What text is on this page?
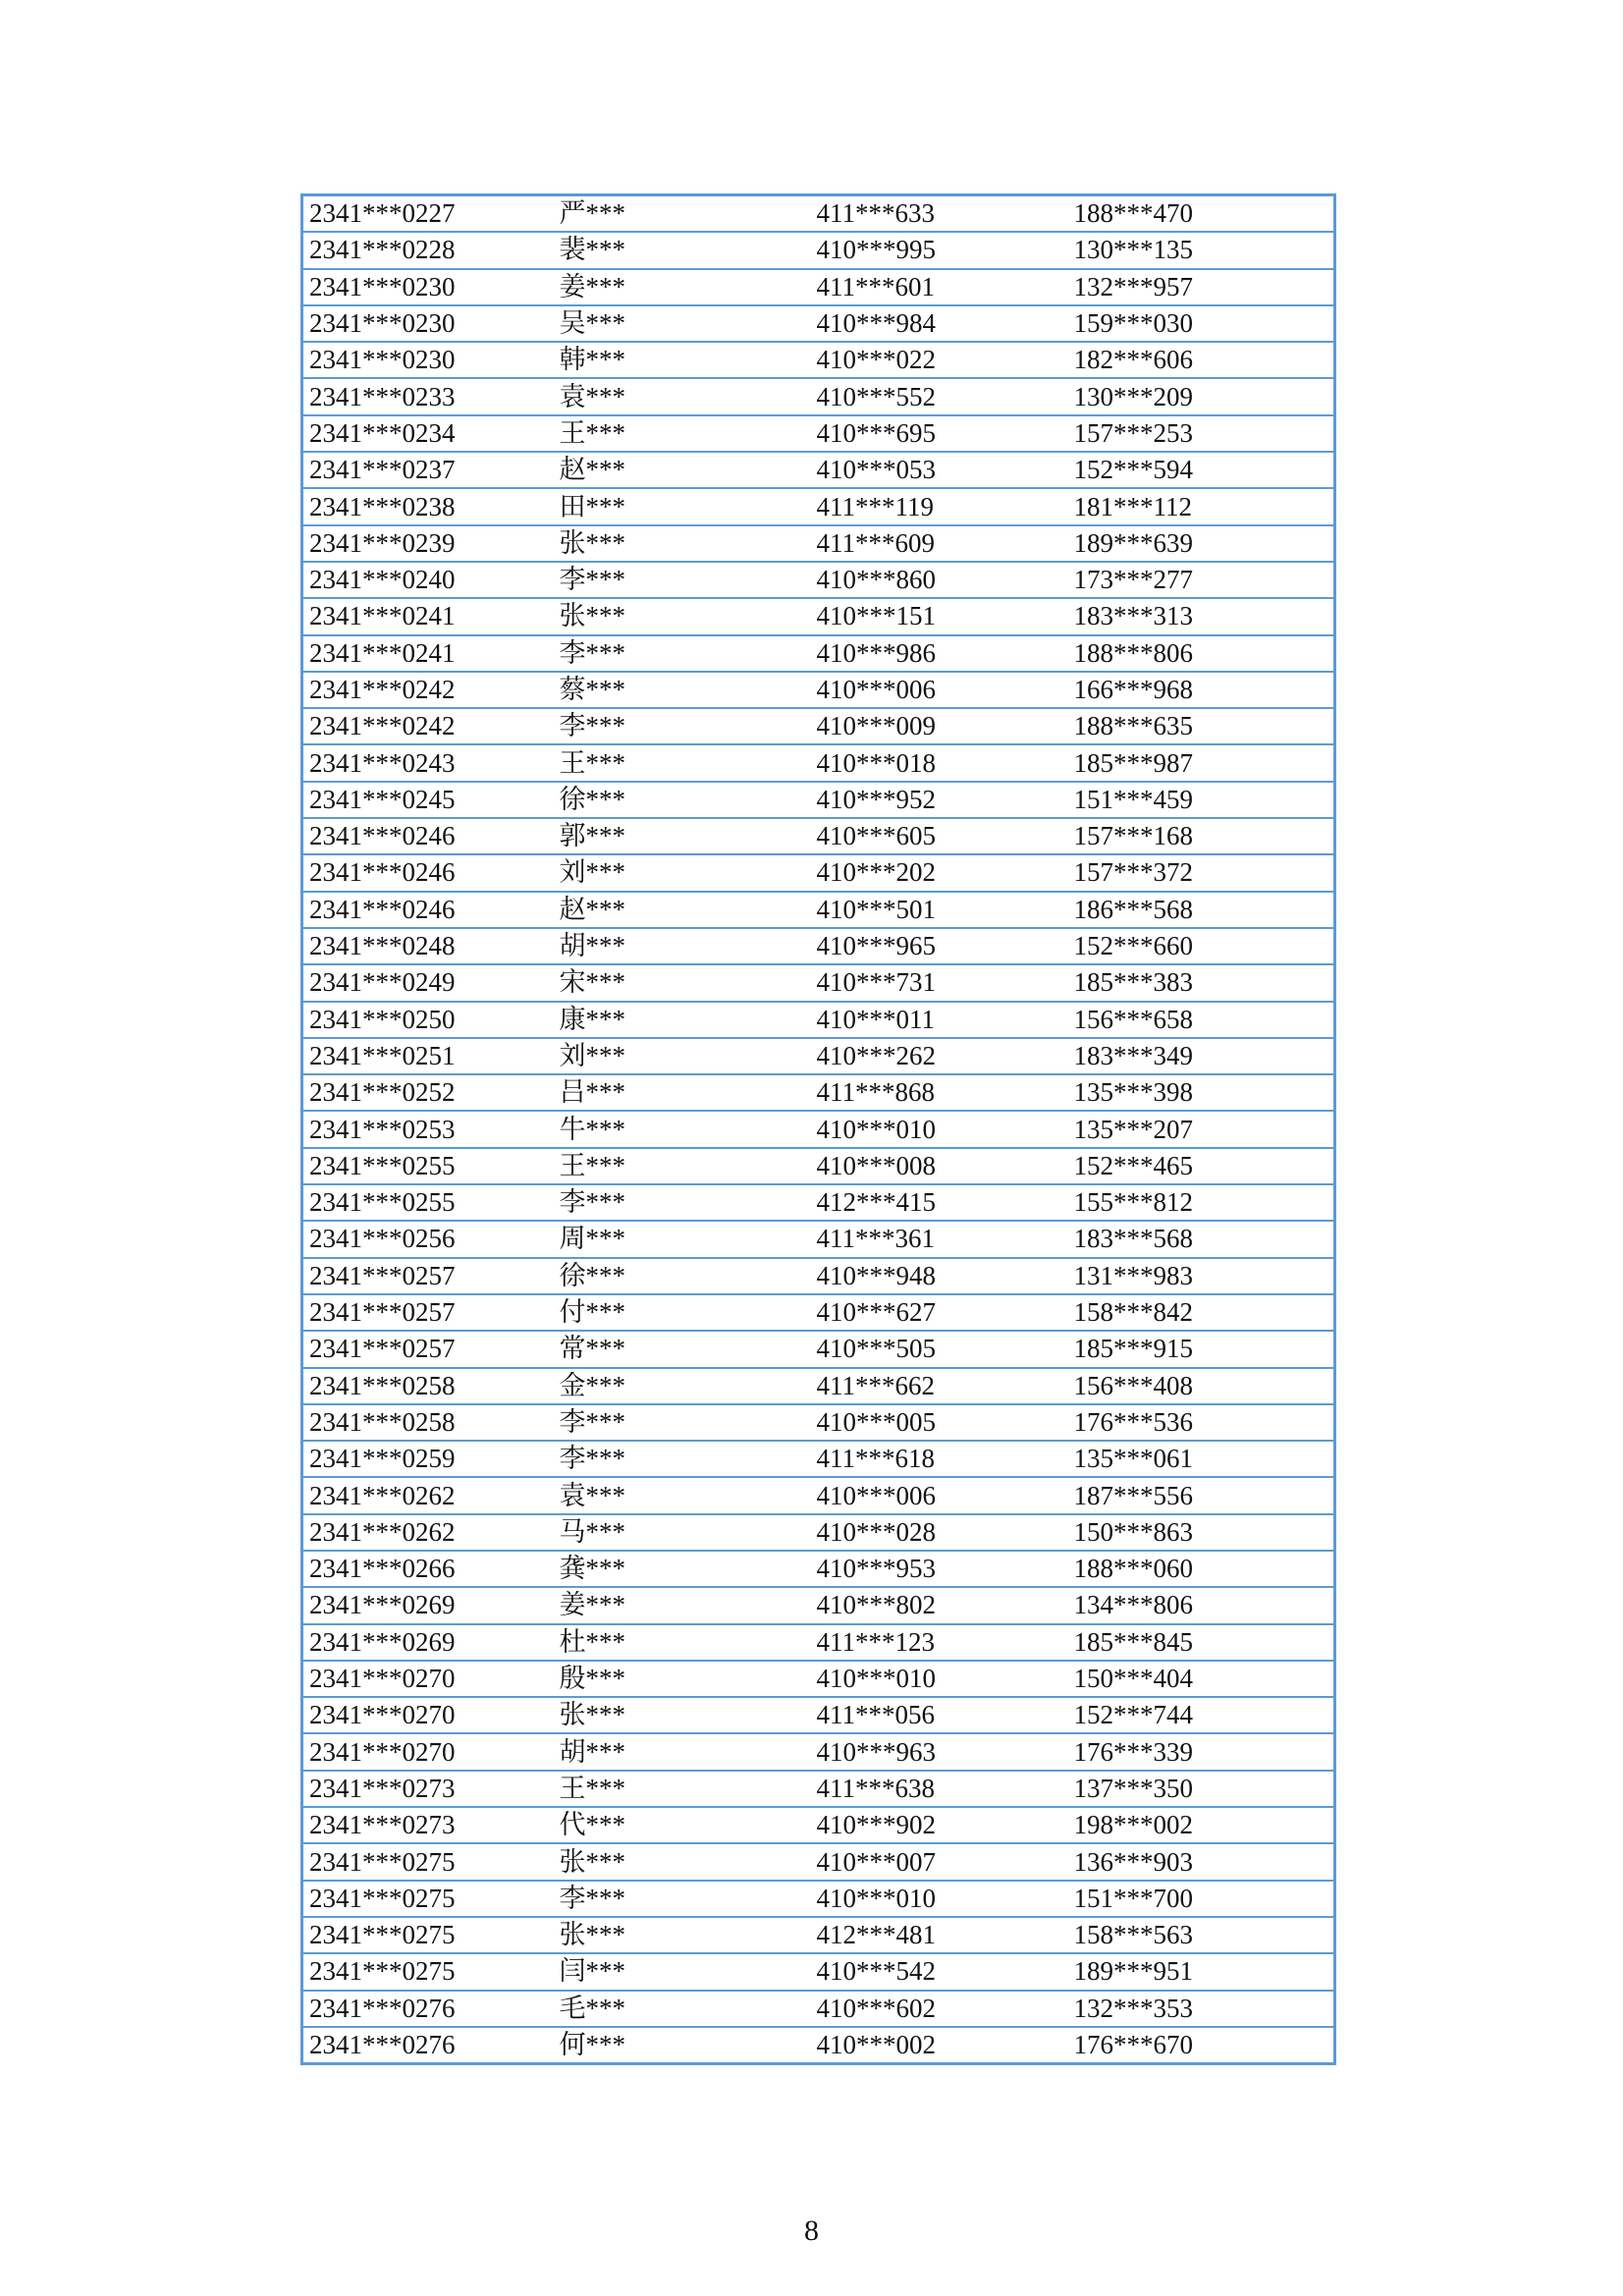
2341***0227	严***	411***633	188***470
2341***0228	裴***	410***995	130***135
2341***0230	姜***	411***601	132***957
2341***0230	吴***	410***984	159***030
2341***0230	韩***	410***022	182***606
2341***0233	袁***	410***552	130***209
2341***0234	王***	410***695	157***253
2341***0237	赵***	410***053	152***594
2341***0238	田***	411***119	181***112
2341***0239	张***	411***609	189***639
2341***0240	李***	410***860	173***277
2341***0241	张***	410***151	183***313
2341***0241	李***	410***986	188***806
2341***0242	蔡***	410***006	166***968
2341***0242	李***	410***009	188***635
2341***0243	王***	410***018	185***987
2341***0245	徐***	410***952	151***459
2341***0246	郭***	410***605	157***168
2341***0246	刘***	410***202	157***372
2341***0246	赵***	410***501	186***568
2341***0248	胡***	410***965	152***660
2341***0249	宋***	410***731	185***383
2341***0250	康***	410***011	156***658
2341***0251	刘***	410***262	183***349
2341***0252	吕***	411***868	135***398
2341***0253	牛***	410***010	135***207
2341***0255	王***	410***008	152***465
2341***0255	李***	412***415	155***812
2341***0256	周***	411***361	183***568
2341***0257	徐***	410***948	131***983
2341***0257	付***	410***627	158***842
2341***0257	常***	410***505	185***915
2341***0258	金***	411***662	156***408
2341***0258	李***	410***005	176***536
2341***0259	李***	411***618	135***061
2341***0262	袁***	410***006	187***556
2341***0262	马***	410***028	150***863
2341***0266	龚***	410***953	188***060
2341***0269	姜***	410***802	134***806
2341***0269	杜***	411***123	185***845
2341***0270	殷***	410***010	150***404
2341***0270	张***	411***056	152***744
2341***0270	胡***	410***963	176***339
2341***0273	王***	411***638	137***350
2341***0273	代***	410***902	198***002
2341***0275	张***	410***007	136***903
2341***0275	李***	410***010	151***700
2341***0275	张***	412***481	158***563
2341***0275	闫***	410***542	189***951
2341***0276	毛***	410***602	132***353
2341***0276	何***	410***002	176***670
8
